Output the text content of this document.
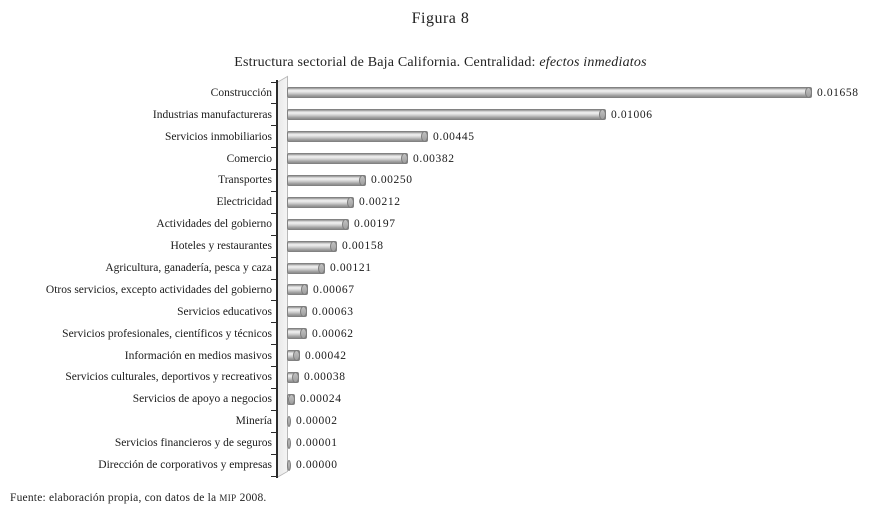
Figura 8
Estructura sectorial de Baja California. Centralidad: efectos inmediatos
Construcción	0.01658
Industrias manufactureras	0.01006
Servicios inmobiliarios	0.00445
Comercio	0.00382
Transportes	0.00250
Electricidad	0.00212
Actividades del gobierno	0.00197
Hoteles y restaurantes	0.00158
Agricultura, ganadería, pesca y caza	0.00121
Otros servicios, excepto actividades del gobierno	0.00067
Servicios educativos	0.00063
Servicios profesionales, científicos y técnicos	0.00062
Información en medios masivos	0.00042
Servicios culturales, deportivos y recreativos	0.00038
Servicios de apoyo a negocios 0.00024
Minería 0.00002
Servicios financieros y de seguros 0.00001
Dirección de corporativos y empresas 0.00000
Fuente: elaboración propia, con datos de la MIP 2008.
